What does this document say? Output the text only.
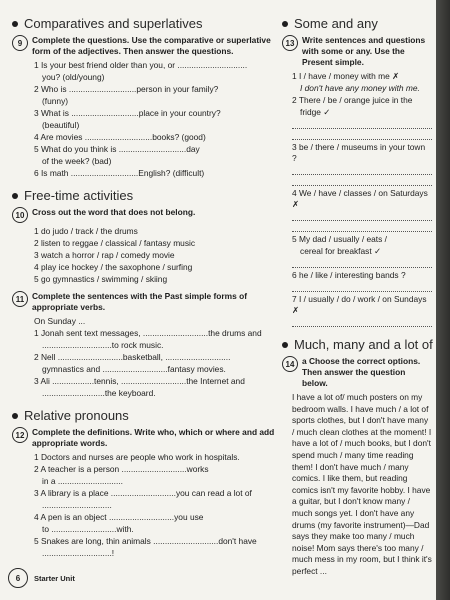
Comparatives and superlatives
9	Complete the questions. Use the comparative or superlative form of the adjectives. Then answer the questions.
1 Is your best friend older than you, or ..............................
you? (old/young)
2 Who is .............................person in your family?
(funny)
3 What is .............................place in your country?
(beautiful)
4 Are movies .............................books? (good)
5 What do you think is .............................day
of the week? (bad)
6 Is math .............................English? (difficult)
Free-time activities
10 Cross out the word that does not belong.
1 do judo / track / the drums
2 listen to reggae / classical / fantasy music
3 watch a horror / rap / comedy movie
4 play ice hockey / the saxophone / surfing
5 go gymnastics / swimming / skiing
11 Complete the sentences with the Past simple forms of appropriate verbs.
On Sunday ...
1 Jonah sent text messages, ............................the drums and
..............................to rock music.
2 Nell ............................basketball, ............................
gymnastics and ............................fantasy movies.
3 Ali ..................tennis, ............................the Internet and
...........................the keyboard.
Relative pronouns
12 Complete the definitions. Write who, which or where and add appropriate words.
1 Doctors and nurses are people who work in hospitals.
2 A teacher is a person ............................works
in a ............................
3 A library is a place ............................you can read a lot of
..............................
4 A pen is an object ............................you use
to ............................with.
5 Snakes are long, thin animals ............................don't have
..............................!
Some and any
13 Write sentences and questions with some or any. Use the Present simple.
1 I / have / money with me ✗
I don't have any money with me.
2 There / be / orange juice in the
fridge ✓
3 be / there / museums in your town ?
4 We / have / classes / on Saturdays ✗
5 My dad / usually / eats /
cereal for breakfast ✓
6 he / like / interesting bands ?
7 I / usually / do / work / on Sundays ✗
Much, many and a lot of
14 a Choose the correct options. Then answer the question below.
I have a lot of/ much posters on my bedroom walls. I have much / a lot of sports clothes, but I don't have many / much clean clothes at the moment! I have a lot of / much books, but I don't spend much / many time reading them! I don't have much / many comics. I like them, but reading comics isn't my favorite hobby. I have a guitar, but I don't know many / much songs yet. I don't have any drums (my favorite instrument)—Dad says they make too many / much noise! Mom says there's too many / much mess in my room, but I think it's perfect ...
6	Starter Unit
